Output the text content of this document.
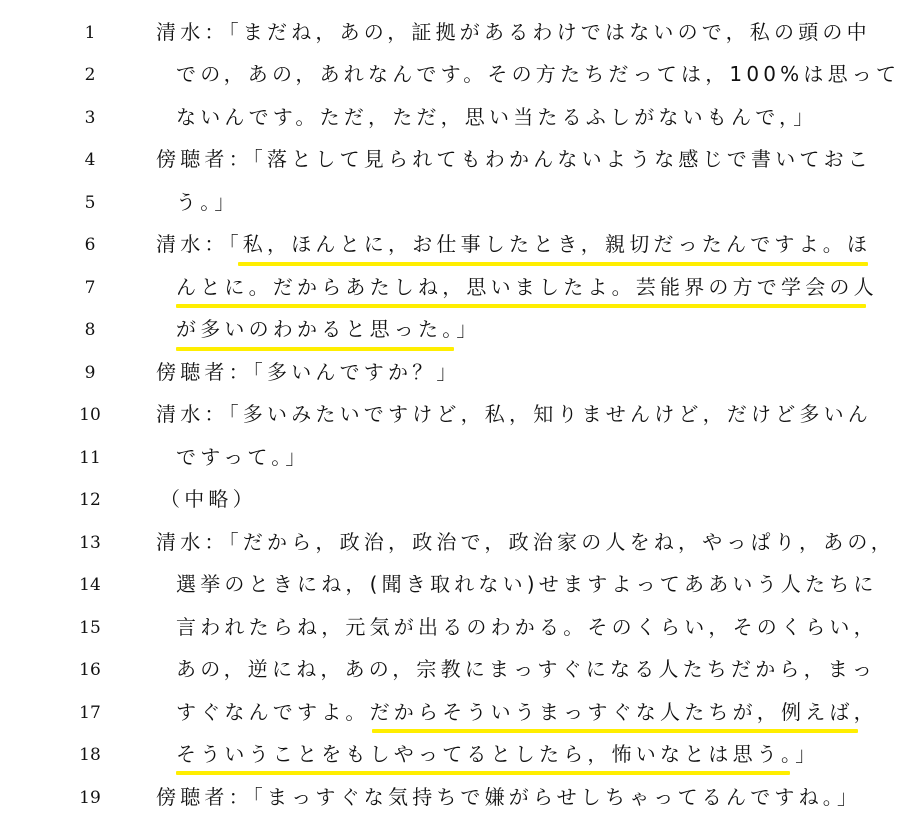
1	清水：「まだね，あの，証拠があるわけではないので，私の頭の中
2	での，あの，あれなんです。その方たちだっては，100%は思って
3	ないんです。ただ，ただ，思い当たるふしがないもんで，」
4	傍聴者：「落として見られてもわかんないような感じで書いておこ
5	う。」
6	清水：「私，ほんとに，お仕事したとき，親切だったんですよ。ほ
7	んとに。だからあたしね，思いましたよ。芸能界の方で学会の人
8	が多いのわかると思った。」
9	傍聴者：「多いんですか？」
10	清水：「多いみたいですけど，私，知りませんけど，だけど多いん
11	ですって。」
12	（中略）
13	清水：「だから，政治，政治で，政治家の人をね，やっぱり，あの，
14	選挙のときにね，(聞き取れない)せますよってああいう人たちに
15	言われたらね，元気が出るのわかる。そのくらい，そのくらい，
16	あの，逆にね，あの，宗教にまっすぐになる人たちだから，まっ
17	すぐなんですよ。だからそういうまっすぐな人たちが，例えば，
18	そういうことをもしやってるとしたら，怖いなとは思う。」
19	傍聴者：「まっすぐな気持ちで嫌がらせしちゃってるんですね。」
